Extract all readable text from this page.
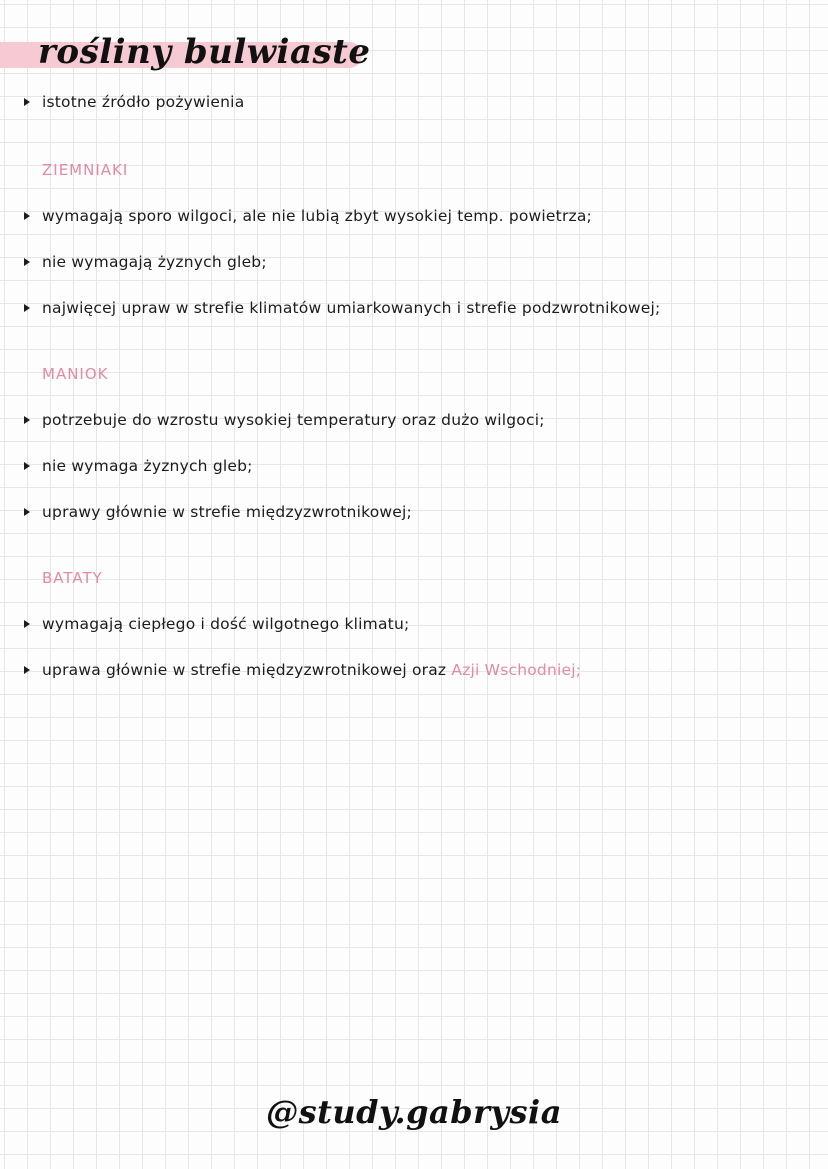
rośliny bulwiaste
istotne źródło pożywienia
ZIEMNIAKI
wymagają sporo wilgoci, ale nie lubią zbyt wysokiej temp. powietrza;
nie wymagają żyznych gleb;
najwięcej upraw w strefie klimatów umiarkowanych i strefie podzwrotnikowej;
MANIOK
potrzebuje do wzrostu wysokiej temperatury oraz dużo wilgoci;
nie wymaga żyznych gleb;
uprawy głównie w strefie międzyzwrotnikowej;
BATATY
wymagają ciepłego i dość wilgotnego klimatu;
uprawa głównie w strefie międzyzwrotnikowej oraz Azji Wschodniej;
@study.gabrysia
